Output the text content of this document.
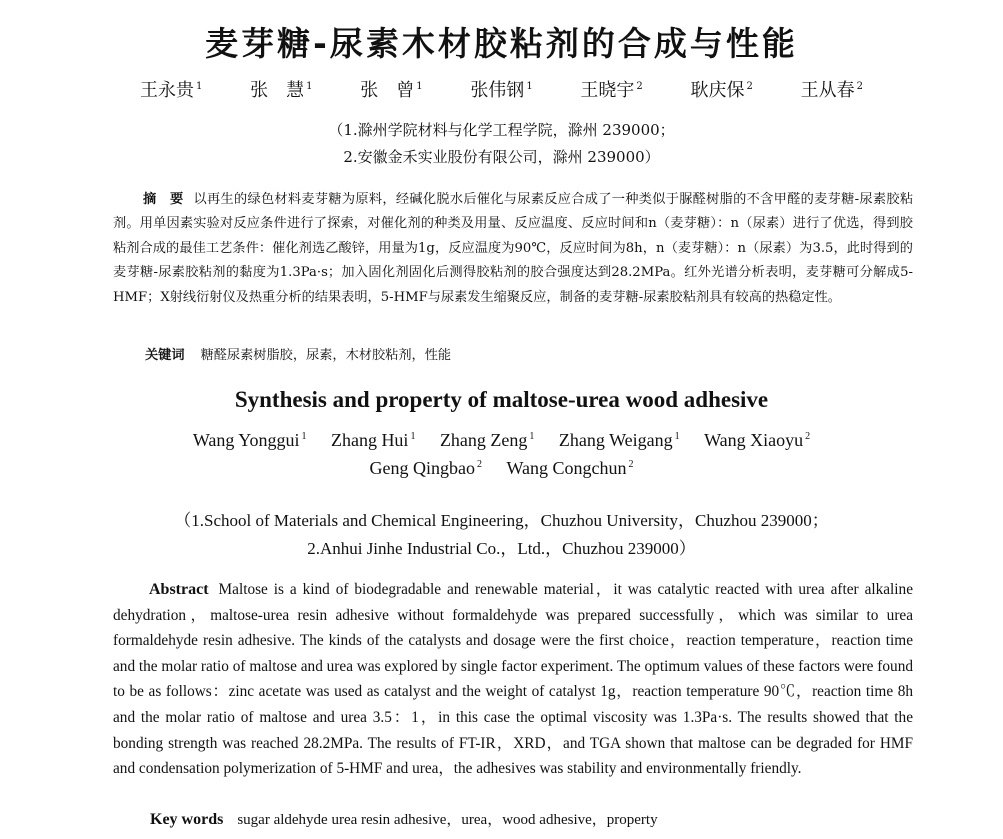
麦芽糖-尿素木材胶粘剂的合成与性能
王永贵 $^1$	张　慧 $^1$	张　曾 $^1$	张伟钢 $^1$	王晓宇 $^2$	耿庆保 $^2$	王从春 $^2$
（1.滁州学院材料与化学工程学院，滁州 239000；
2.安徽金禾实业股份有限公司，滁州 239000）
摘　要 以再生的绿色材料麦芽糖为原料，经碱化脱水后催化与尿素反应合成了一种类似于脲醛树脂的不含甲醛的麦芽糖-尿素胶粘剂。用单因素实验对反应条件进行了探索，对催化剂的种类及用量、反应温度、反应时间和n（麦芽糖）：n（尿素）进行了优选，得到胶粘剂合成的最佳工艺条件：催化剂选乙酸锌，用量为1g，反应温度为90℃，反应时间为8h，n（麦芽糖）：n（尿素）为3.5，此时得到的麦芽糖-尿素胶粘剂的黏度为1.3Pa·s；加入固化剂固化后测得胶粘剂的胶合强度达到28.2MPa。红外光谱分析表明，麦芽糖可分解成5-HMF；X射线衍射仪及热重分析的结果表明，5-HMF与尿素发生缩聚反应，制备的麦芽糖-尿素胶粘剂具有较高的热稳定性。
关键词 糖醛尿素树脂胶，尿素，木材胶粘剂，性能
Synthesis and property of maltose-urea wood adhesive
Wang Yonggui $^1$ Zhang Hui $^1$ Zhang Zeng $^1$ Zhang Weigang $^1$ Wang Xiaoyu $^2$
Geng Qingbao $^2$ Wang Congchun $^2$
（1.School of Materials and Chemical Engineering，Chuzhou University，Chuzhou 239000；
2.Anhui Jinhe Industrial Co.，Ltd.，Chuzhou 239000）
Abstract Maltose is a kind of biodegradable and renewable material，it was catalytic reacted with urea after alkaline dehydration，maltose-urea resin adhesive without formaldehyde was prepared successfully，which was similar to urea formaldehyde resin adhesive. The kinds of the catalysts and dosage were the first choice，reaction temperature，reaction time and the molar ratio of maltose and urea was explored by single factor experiment. The optimum values of these factors were found to be as follows：zinc acetate was used as catalyst and the weight of catalyst 1g，reaction temperature 90℃，reaction time 8h and the molar ratio of maltose and urea 3.5：1，in this case the optimal viscosity was 1.3Pa·s. The results showed that the bonding strength was reached 28.2MPa. The results of FT-IR，XRD，and TGA shown that maltose can be degraded for HMF and condensation polymerization of 5-HMF and urea，the adhesives was stability and environmentally friendly.
Key words sugar aldehyde urea resin adhesive，urea，wood adhesive，property
